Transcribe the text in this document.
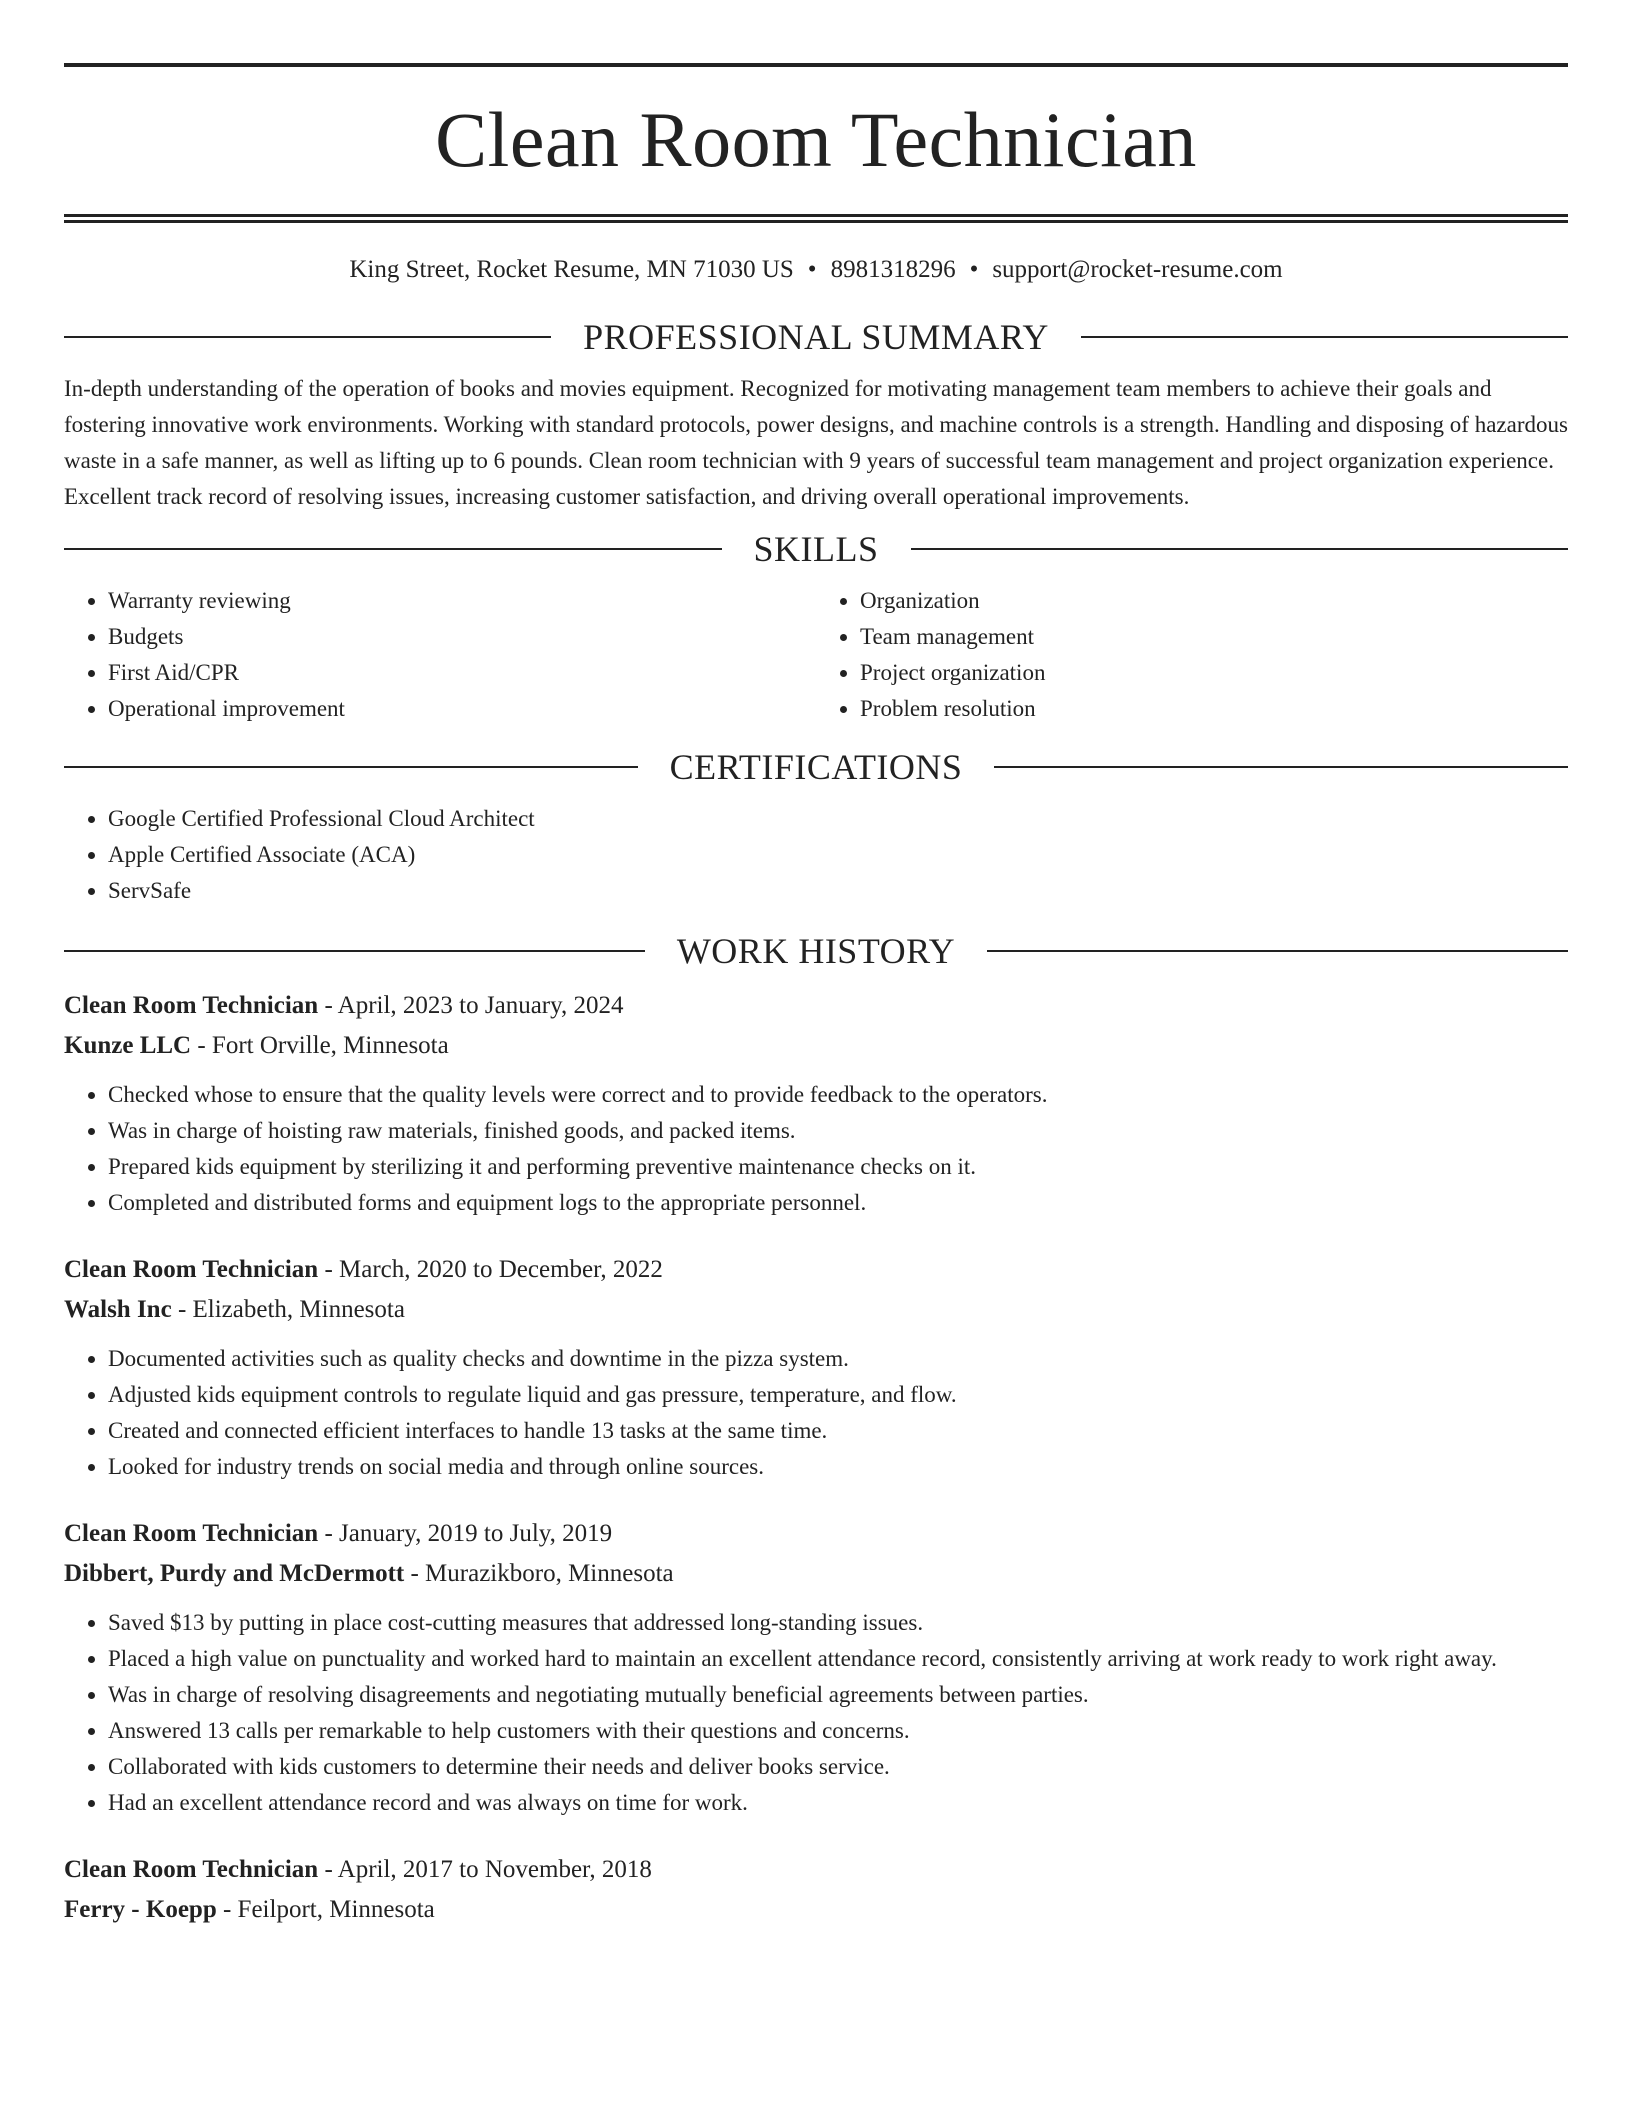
Clean Room Technician
King Street, Rocket Resume, MN 71030 US • 8981318296 • support@rocket-resume.com
PROFESSIONAL SUMMARY

In-depth understanding of the operation of books and movies equipment. Recognized for motivating management team members to achieve their goals and fostering innovative work environments. Working with standard protocols, power designs, and machine controls is a strength. Handling and disposing of hazardous waste in a safe manner, as well as lifting up to 6 pounds. Clean room technician with 9 years of successful team management and project organization experience. Excellent track record of resolving issues, increasing customer satisfaction, and driving overall operational improvements.

SKILLS
• Warranty reviewing
• Budgets
• First Aid/CPR
• Operational improvement
• Organization
• Team management
• Project organization
• Problem resolution
CERTIFICATIONS
• Google Certified Professional Cloud Architect
• Apple Certified Associate (ACA)
• ServSafe
WORK HISTORY
Clean Room Technician - April, 2023 to January, 2024
Kunze LLC - Fort Orville, Minnesota
• Checked whose to ensure that the quality levels were correct and to provide feedback to the operators.
• Was in charge of hoisting raw materials, finished goods, and packed items.
• Prepared kids equipment by sterilizing it and performing preventive maintenance checks on it.
• Completed and distributed forms and equipment logs to the appropriate personnel.
Clean Room Technician - March, 2020 to December, 2022
Walsh Inc - Elizabeth, Minnesota
• Documented activities such as quality checks and downtime in the pizza system.
• Adjusted kids equipment controls to regulate liquid and gas pressure, temperature, and flow.
• Created and connected efficient interfaces to handle 13 tasks at the same time.
• Looked for industry trends on social media and through online sources.
Clean Room Technician - January, 2019 to July, 2019
Dibbert, Purdy and McDermott - Murazikboro, Minnesota
• Saved $13 by putting in place cost-cutting measures that addressed long-standing issues.
• Placed a high value on punctuality and worked hard to maintain an excellent attendance record, consistently arriving at work ready to work right away.
• Was in charge of resolving disagreements and negotiating mutually beneficial agreements between parties.
• Answered 13 calls per remarkable to help customers with their questions and concerns.
• Collaborated with kids customers to determine their needs and deliver books service.
• Had an excellent attendance record and was always on time for work.
Clean Room Technician - April, 2017 to November, 2018
Ferry - Koepp - Feilport, Minnesota
